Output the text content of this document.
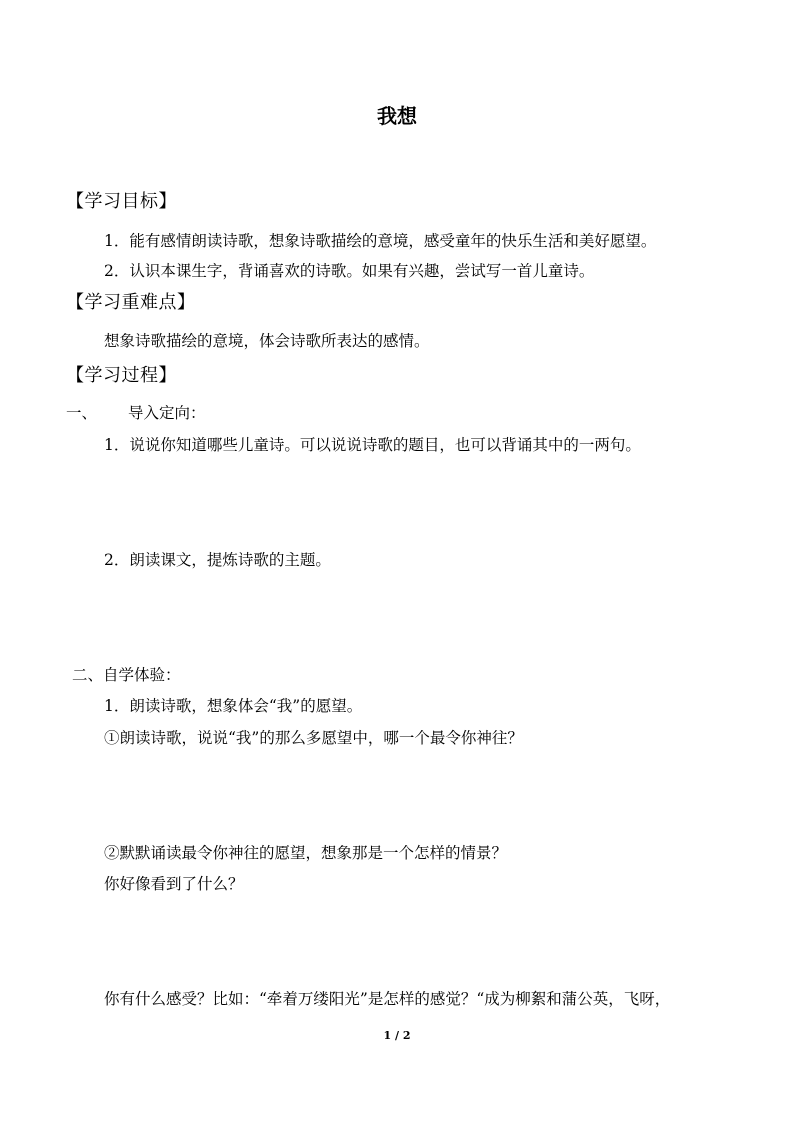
我想
【学习目标】
1．能有感情朗读诗歌，想象诗歌描绘的意境，感受童年的快乐生活和美好愿望。
2．认识本课生字，背诵喜欢的诗歌。如果有兴趣，尝试写一首儿童诗。
【学习重难点】
想象诗歌描绘的意境，体会诗歌所表达的感情。
【学习过程】
一、 导入定向：
1．说说你知道哪些儿童诗。可以说说诗歌的题目，也可以背诵其中的一两句。
2．朗读课文，提炼诗歌的主题。
二、自学体验：
1．朗读诗歌，想象体会“我”的愿望。
①朗读诗歌，说说“我”的那么多愿望中，哪一个最令你神往？
②默默诵读最令你神往的愿望，想象那是一个怎样的情景？
你好像看到了什么？
你有什么感受？比如：“牵着万缕阳光”是怎样的感觉？“成为柳絮和蒲公英，飞呀，
1 / 2
